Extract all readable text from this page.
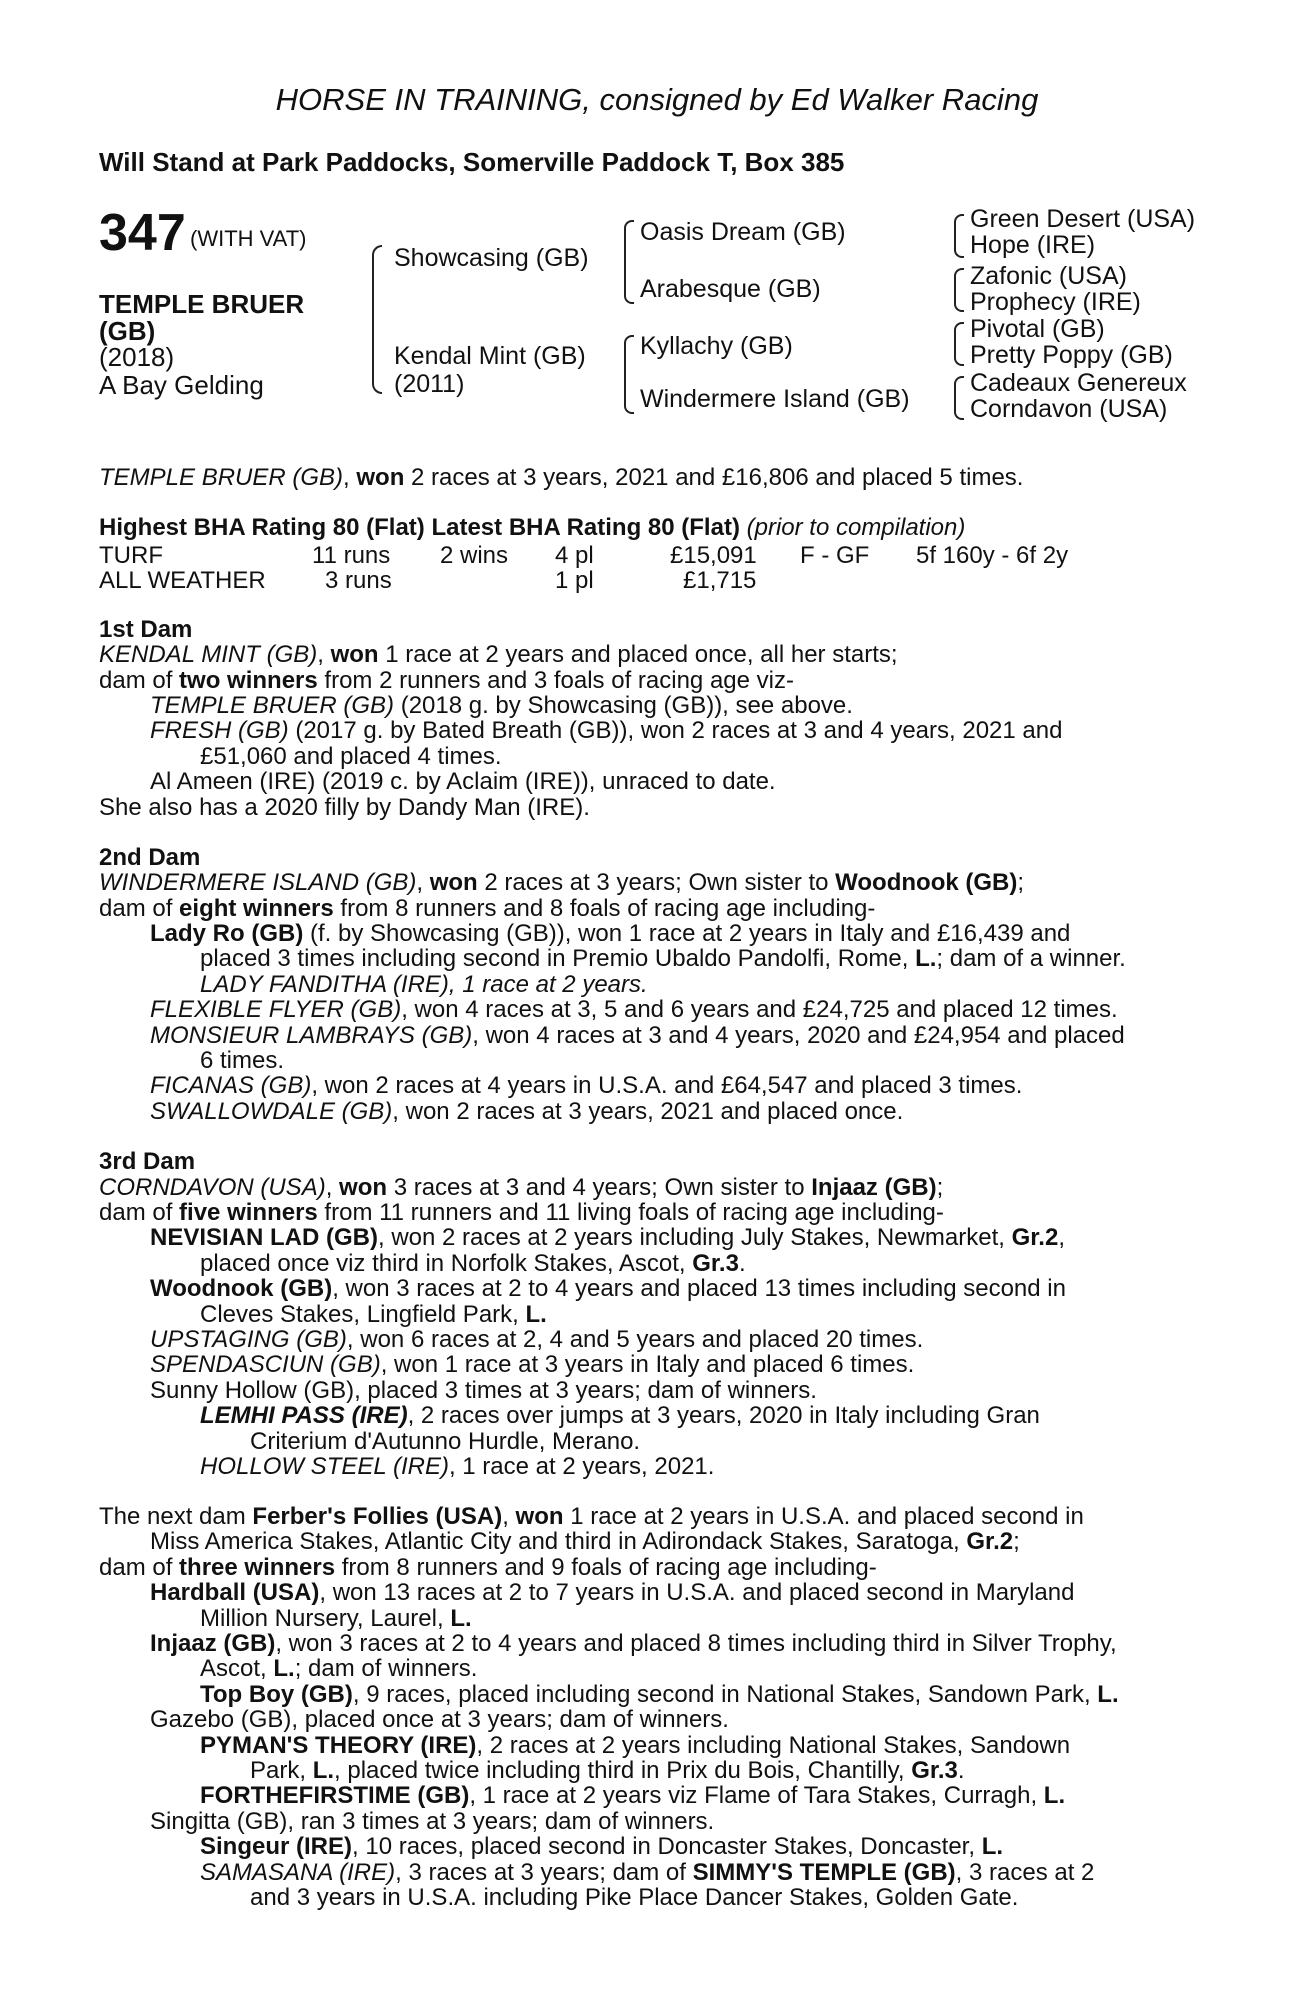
HORSE IN TRAINING, consigned by Ed Walker Racing
Will Stand at Park Paddocks, Somerville Paddock T, Box 385
347 (WITH VAT)
TEMPLE BRUER
(GB)
(2018)
A Bay Gelding
Showcasing (GB)
Kendal Mint (GB)
(2011)
Oasis Dream (GB)
Arabesque (GB)
Kyllachy (GB)
Windermere Island (GB)
Green Desert (USA)
Hope (IRE)
Zafonic (USA)
Prophecy (IRE)
Pivotal (GB)
Pretty Poppy (GB)
Cadeaux Genereux
Corndavon (USA)
TEMPLE BRUER (GB), won 2 races at 3 years, 2021 and £16,806 and placed 5 times.
Highest BHA Rating 80 (Flat) Latest BHA Rating 80 (Flat) (prior to compilation)
TURF	11 runs 2 wins 4 pl	£15,091 F - GF 5f 160y - 6f 2y
ALL WEATHER 3 runs	1 pl	£1,715
1st Dam
KENDAL MINT (GB), won 1 race at 2 years and placed once, all her starts;
dam of two winners from 2 runners and 3 foals of racing age viz-
TEMPLE BRUER (GB) (2018 g. by Showcasing (GB)), see above.
FRESH (GB) (2017 g. by Bated Breath (GB)), won 2 races at 3 and 4 years, 2021 and
£51,060 and placed 4 times.
Al Ameen (IRE) (2019 c. by Aclaim (IRE)), unraced to date.
She also has a 2020 filly by Dandy Man (IRE).
2nd Dam
WINDERMERE ISLAND (GB), won 2 races at 3 years; Own sister to Woodnook (GB);
dam of eight winners from 8 runners and 8 foals of racing age including-
Lady Ro (GB) (f. by Showcasing (GB)), won 1 race at 2 years in Italy and £16,439 and
placed 3 times including second in Premio Ubaldo Pandolfi, Rome, L.; dam of a winner.
LADY FANDITHA (IRE), 1 race at 2 years.
FLEXIBLE FLYER (GB), won 4 races at 3, 5 and 6 years and £24,725 and placed 12 times.
MONSIEUR LAMBRAYS (GB), won 4 races at 3 and 4 years, 2020 and £24,954 and placed
6 times.
FICANAS (GB), won 2 races at 4 years in U.S.A. and £64,547 and placed 3 times.
SWALLOWDALE (GB), won 2 races at 3 years, 2021 and placed once.
3rd Dam
CORNDAVON (USA), won 3 races at 3 and 4 years; Own sister to Injaaz (GB);
dam of five winners from 11 runners and 11 living foals of racing age including-
NEVISIAN LAD (GB), won 2 races at 2 years including July Stakes, Newmarket, Gr.2,
placed once viz third in Norfolk Stakes, Ascot, Gr.3.
Woodnook (GB), won 3 races at 2 to 4 years and placed 13 times including second in
Cleves Stakes, Lingfield Park, L.
UPSTAGING (GB), won 6 races at 2, 4 and 5 years and placed 20 times.
SPENDASCIUN (GB), won 1 race at 3 years in Italy and placed 6 times.
Sunny Hollow (GB), placed 3 times at 3 years; dam of winners.
LEMHI PASS (IRE), 2 races over jumps at 3 years, 2020 in Italy including Gran
Criterium d'Autunno Hurdle, Merano.
HOLLOW STEEL (IRE), 1 race at 2 years, 2021.
The next dam Ferber's Follies (USA), won 1 race at 2 years in U.S.A. and placed second in
Miss America Stakes, Atlantic City and third in Adirondack Stakes, Saratoga, Gr.2;
dam of three winners from 8 runners and 9 foals of racing age including-
Hardball (USA), won 13 races at 2 to 7 years in U.S.A. and placed second in Maryland
Million Nursery, Laurel, L.
Injaaz (GB), won 3 races at 2 to 4 years and placed 8 times including third in Silver Trophy,
Ascot, L.; dam of winners.
Top Boy (GB), 9 races, placed including second in National Stakes, Sandown Park, L.
Gazebo (GB), placed once at 3 years; dam of winners.
PYMAN'S THEORY (IRE), 2 races at 2 years including National Stakes, Sandown
Park, L., placed twice including third in Prix du Bois, Chantilly, Gr.3.
FORTHEFIRSTIME (GB), 1 race at 2 years viz Flame of Tara Stakes, Curragh, L.
Singitta (GB), ran 3 times at 3 years; dam of winners.
Singeur (IRE), 10 races, placed second in Doncaster Stakes, Doncaster, L.
SAMASANA (IRE), 3 races at 3 years; dam of SIMMY'S TEMPLE (GB), 3 races at 2
and 3 years in U.S.A. including Pike Place Dancer Stakes, Golden Gate.
